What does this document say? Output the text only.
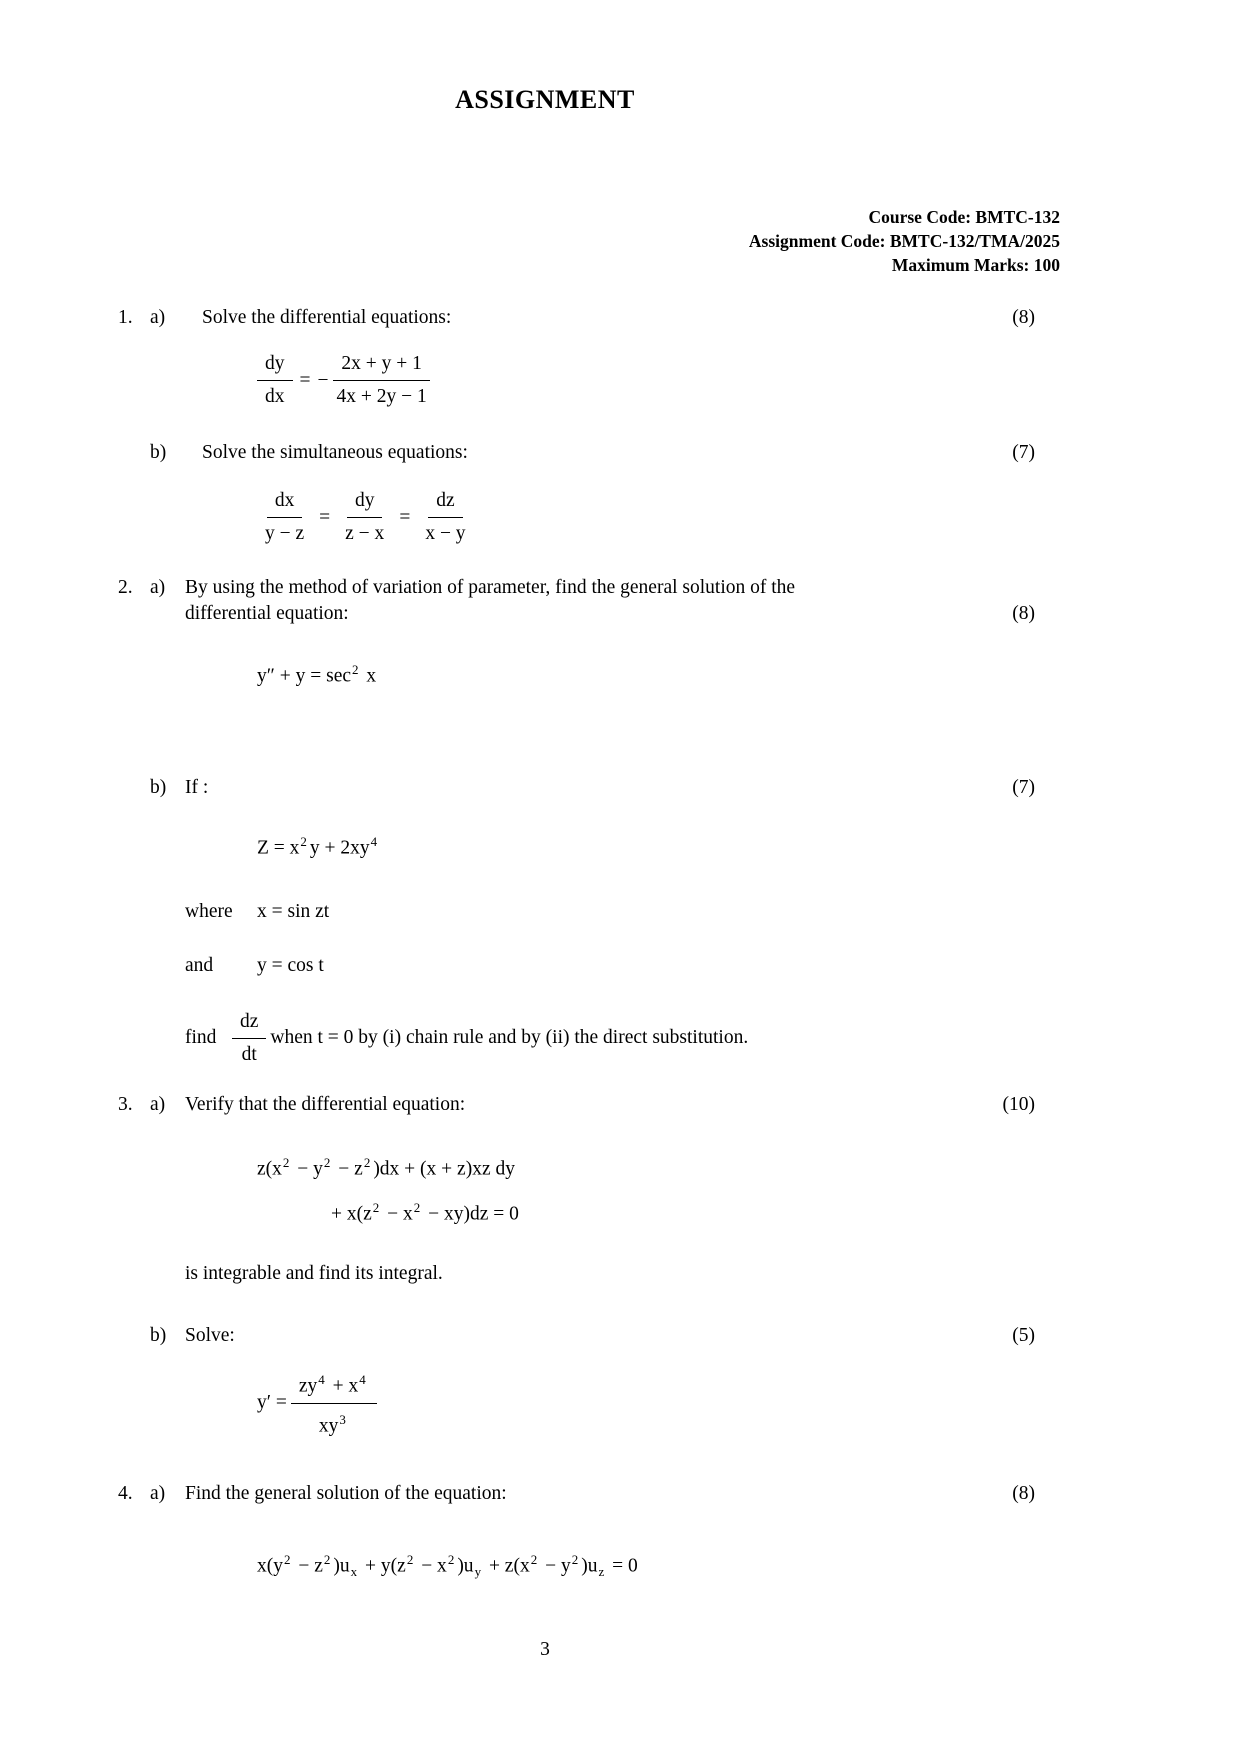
ASSIGNMENT
Course Code: BMTC-132
Assignment Code: BMTC-132/TMA/2025
Maximum Marks: 100
1. a)	Solve the differential equations:	(8)
$\frac{dy}{dx}$ = − $\frac{2x + y + 1}{4x + 2y - 1}$
b)	Solve the simultaneous equations:	(7)
$\frac{dx}{y - z} = \frac{dy}{z - x} = \frac{dz}{x - y}$
2. a)	By using the method of variation of parameter, find the general solution of the
differential equation:	(8)
$y'' + y = \sec^2 x$
b) If :	(7)
$Z = x^2$ $y + 2xy^4$
where x = sin zt
and y = cos t
find $\frac{dz}{dt}$ when t = 0 by (i) chain rule and by (ii) the direct substitution.
3. a)	Verify that the differential equation:	(10)
$z(x^2 - y^2 - z^2$ )dx + (x + z)xz dy
+ $x(z^2 - x^2 - xy)dz = 0$
is integrable and find its integral.
b) Solve:	(5)
$y' = \frac{zy^4 + x^4}{xy^3}$
4. a)	Find the general solution of the equation:	(8)
$x(y^2 - z^2$ )$u_x + y(z^2 - x^2$ )$u_y + z(x^2 - y^2$ )$u_z = 0$
3
